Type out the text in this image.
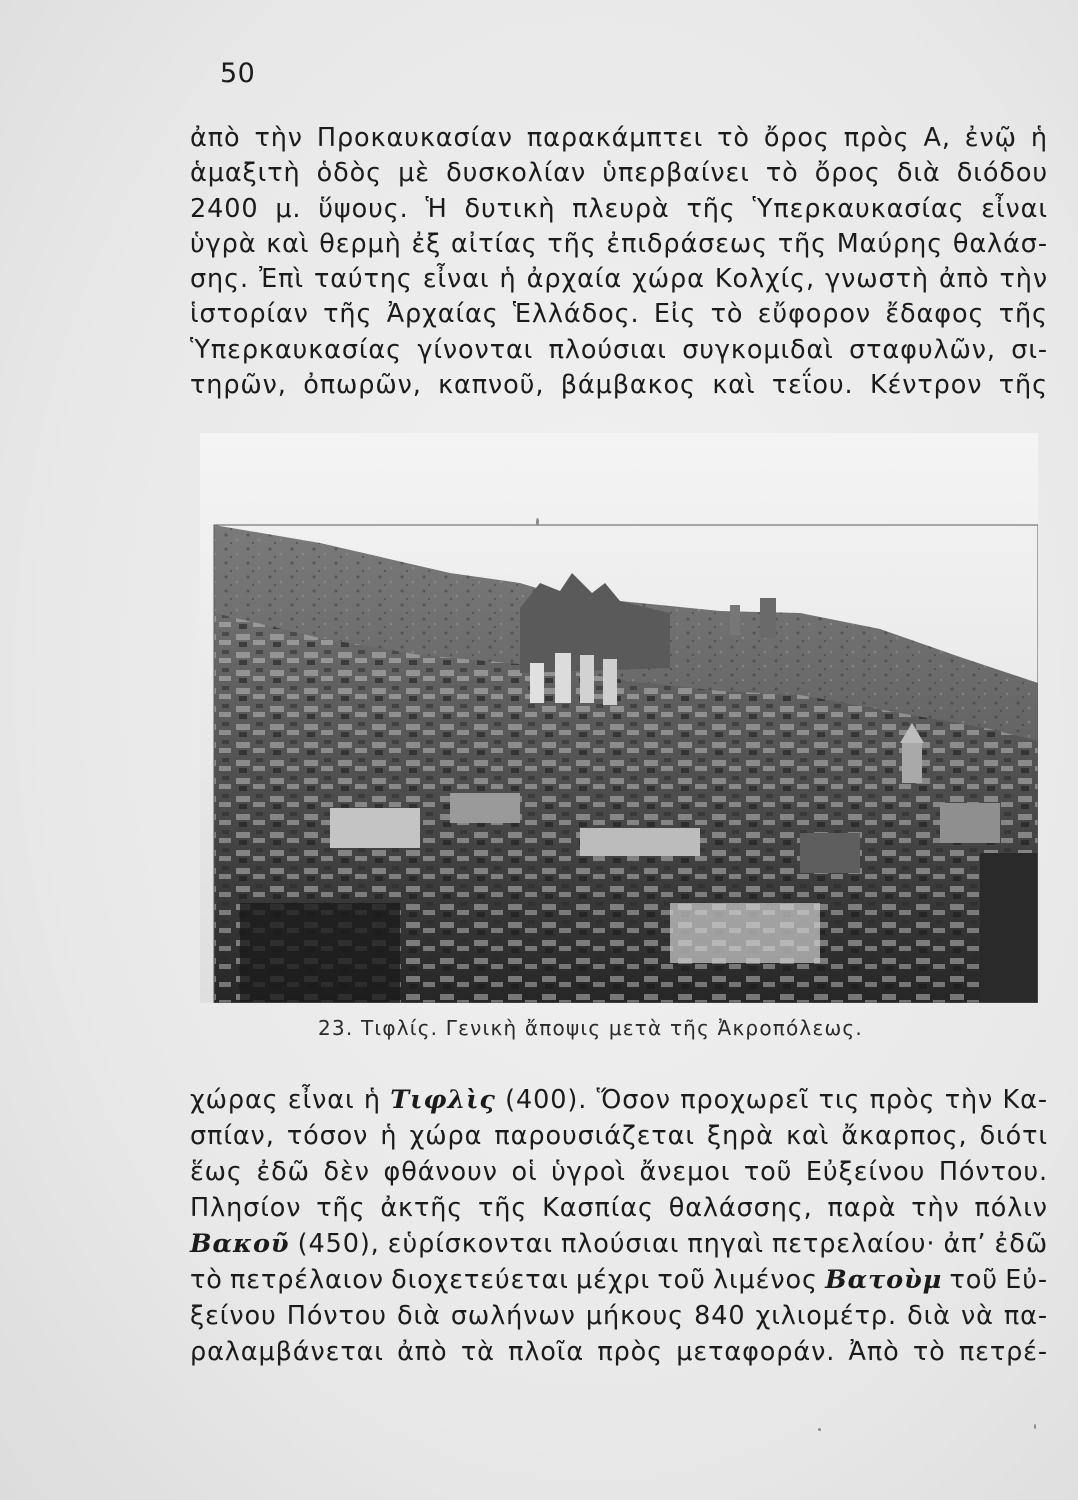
50
ἀπὸ τὴν Προκαυκασίαν παρακάμπτει τὸ ὄρος πρὸς Α, ἐνῷ ἡ
ἁμαξιτὴ ὁδὸς μὲ δυσκολίαν ὑπερβαίνει τὸ ὄρος διὰ διόδου
2400 μ. ὕψους. Ἡ δυτικὴ πλευρὰ τῆς Ὑπερκαυκασίας εἶναι
ὑγρὰ καὶ θερμὴ ἐξ αἰτίας τῆς ἐπιδράσεως τῆς Μαύρης θαλάσ-
σης. Ἐπὶ ταύτης εἶναι ἡ ἀρχαία χώρα Κολχίς, γνωστὴ ἀπὸ τὴν
ἱστορίαν τῆς Ἀρχαίας Ἑλλάδος. Εἰς τὸ εὔφορον ἔδαφος τῆς
Ὑπερκαυκασίας γίνονται πλούσιαι συγκομιδαὶ σταφυλῶν, σι-
τηρῶν, ὀπωρῶν, καπνοῦ, βάμβακος καὶ τεΐου. Κέντρον τῆς
23. Τιφλίς. Γενικὴ ἄποψις μετὰ τῆς Ἀκροπόλεως.
χώρας εἶναι ἡ Τιφλὶς (400). Ὅσον προχωρεῖ τις πρὸς τὴν Κα-
σπίαν, τόσον ἡ χώρα παρουσιάζεται ξηρὰ καὶ ἄκαρπος, διότι
ἕως ἐδῶ δὲν φθάνουν οἱ ὑγροὶ ἄνεμοι τοῦ Εὐξείνου Πόντου.
Πλησίον τῆς ἀκτῆς τῆς Κασπίας θαλάσσης, παρὰ τὴν πόλιν
Βακοῦ (450), εὑρίσκονται πλούσιαι πηγαὶ πετρελαίου· ἀπ’ ἐδῶ
τὸ πετρέλαιον διοχετεύεται μέχρι τοῦ λιμένος Βατοὺμ τοῦ Εὐ-
ξείνου Πόντου διὰ σωλήνων μήκους 840 χιλιομέτρ. διὰ νὰ πα-
ραλαμβάνεται ἀπὸ τὰ πλοῖα πρὸς μεταφοράν. Ἀπὸ τὸ πετρέ-
